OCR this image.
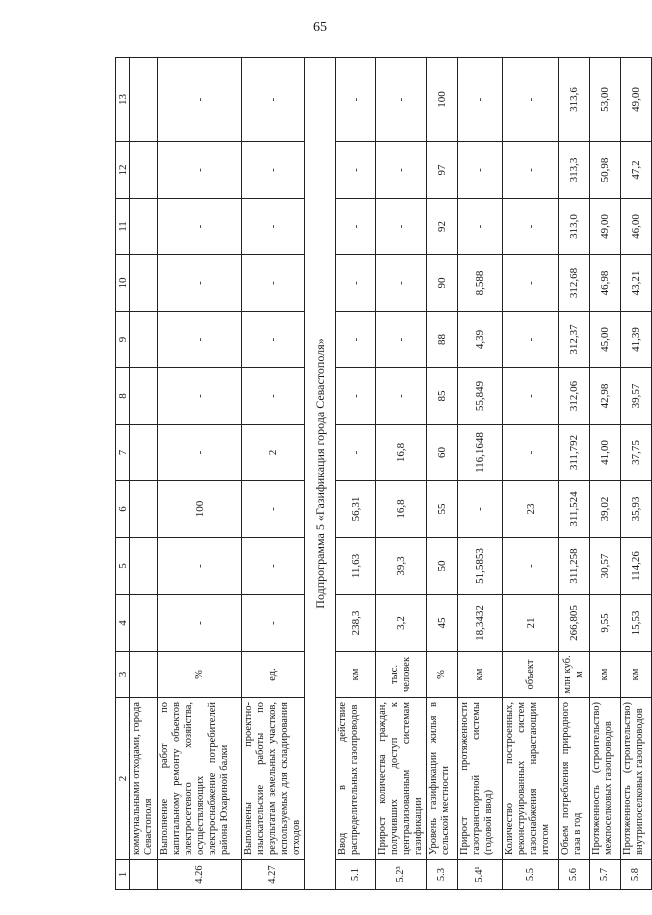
65
1	2	3	4	5	6	7	8	9	10	11	12	13
	коммунальными отходами, города Севастополя											
4.26	Выполнение работ по капитальному ремонту объектов электросетевого хозяйства, осуществляющих электроснабжение потребителей района Юхариной балки	%	-	-	100	-	-	-	-	-	-	-
4.27	Выполнены проектно-изыскательские работы по результатам земельных участков, используемых для складирования отходов	ед.	-	-	-	2	-	-	-	-	-	-
Подпрограмма 5 «Газификация города Севастополя»												
5.1	Ввод в действие распределительных газопроводов	км	238,3	11,63	56,31	-	-	-	-	-	-	-
5.2³	Прирост количества граждан, получивших доступ к централизованным системам газификации	тыс. человек	3,2	39,3	16,8	16,8	-	-	-	-	-	-
5.3	Уровень газификации жилья в сельской местности	%	45	50	55	60	85	88	90	92	97	100
5.4¹	Прирост протяженности газотранспортной системы (годовой ввод)	км	18,3432	51,5853	-	116,1648	55,849	4,39	8,588	-	-	-
5.5	Количество построенных, реконструированных систем газоснабжения нарастающим итогом	объект	21	-	23	-	-	-	-	-	-	-
5.6	Объем потребления природного газа в год	млн куб. м	266,805	311,258	311,524	311,792	312,06	312,37	312,68	313,0	313,3	313,6
5.7	Протяженность (строительство) межпоселковых газопроводов	км	9,55	30,57	39,02	41,00	42,98	45,00	46,98	49,00	50,98	53,00
5.8	Протяженность (строительство) внутрипоселковых газопроводов	км	15,53	114,26	35,93	37,75	39,57	41,39	43,21	46,00	47,2	49,00
